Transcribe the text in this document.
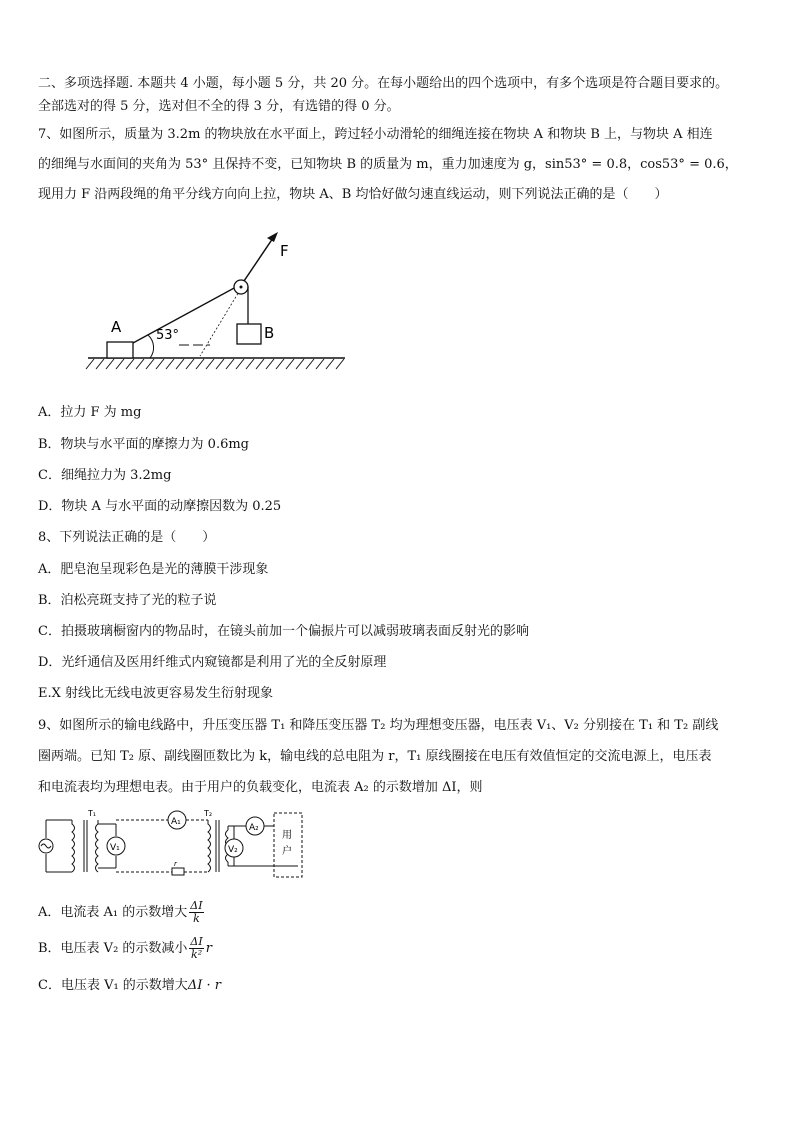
二、多项选择题. 本题共 4 小题，每小题 5 分，共 20 分。在每小题给出的四个选项中，有多个选项是符合题目要求的。
全部选对的得 5 分，选对但不全的得 3 分，有选错的得 0 分。
7、如图所示，质量为 3.2m 的物块放在水平面上，跨过轻小动滑轮的细绳连接在物块 A 和物块 B 上，与物块 A 相连
的细绳与水面间的夹角为 53° 且保持不变，已知物块 B 的质量为 m，重力加速度为 g，sin53° = 0.8，cos53° = 0.6，
现用力 F 沿两段绳的角平分线方向向上拉，物块 A、B 均恰好做匀速直线运动，则下列说法正确的是（　　）
A	53°	B
F
A．拉力 F 为 mg
B．物块与水平面的摩擦力为 0.6mg
C．细绳拉力为 3.2mg
D．物块 A 与水平面的动摩擦因数为 0.25
8、下列说法正确的是（　　）
A．肥皂泡呈现彩色是光的薄膜干涉现象
B．泊松亮斑支持了光的粒子说
C．拍摄玻璃橱窗内的物品时，在镜头前加一个偏振片可以减弱玻璃表面反射光的影响
D．光纤通信及医用纤维式内窥镜都是利用了光的全反射原理
E.X 射线比无线电波更容易发生衍射现象
9、如图所示的输电线路中，升压变压器 T₁ 和降压变压器 T₂ 均为理想变压器，电压表 V₁、V₂ 分别接在 T₁ 和 T₂ 副线
圈两端。已知 T₂ 原、副线圈匝数比为 k，输电线的总电阻为 r，T₁ 原线圈接在电压有效值恒定的交流电源上，电压表
和电流表均为理想电表。由于用户的负载变化，电流表 A₂ 的示数增加 ΔI，则
T₁
V₁
A₁
r
T₂
V₂
A₂
用
户
A．电流表 A₁ 的示数增大 $\frac{\Delta I}{k}$
B．电压表 V₂ 的示数减小 $\frac{\Delta I}{\text{k²}}$ r
C．电压表 V₁ 的示数增大ΔI · r
